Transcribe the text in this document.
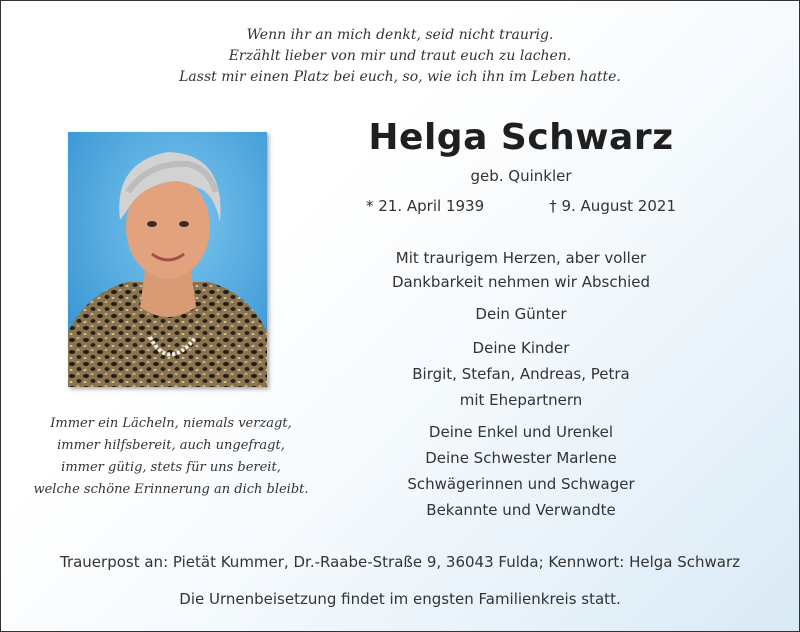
Wenn ihr an mich denkt, seid nicht traurig.
Erzählt lieber von mir und traut euch zu lachen.
Lasst mir einen Platz bei euch, so, wie ich ihn im Leben hatte.
Immer ein Lächeln, niemals verzagt,
immer hilfsbereit, auch ungefragt,
immer gütig, stets für uns bereit,
welche schöne Erinnerung an dich bleibt.
Helga Schwarz
geb. Quinkler
* 21. April 1939	† 9. August 2021
Mit traurigem Herzen, aber voller
Dankbarkeit nehmen wir Abschied
Dein Günter
Deine Kinder
Birgit, Stefan, Andreas, Petra
mit Ehepartnern
Deine Enkel und Urenkel
Deine Schwester Marlene
Schwägerinnen und Schwager
Bekannte und Verwandte
Trauerpost an: Pietät Kummer, Dr.-Raabe-Straße 9, 36043 Fulda; Kennwort: Helga Schwarz
Die Urnenbeisetzung findet im engsten Familienkreis statt.
